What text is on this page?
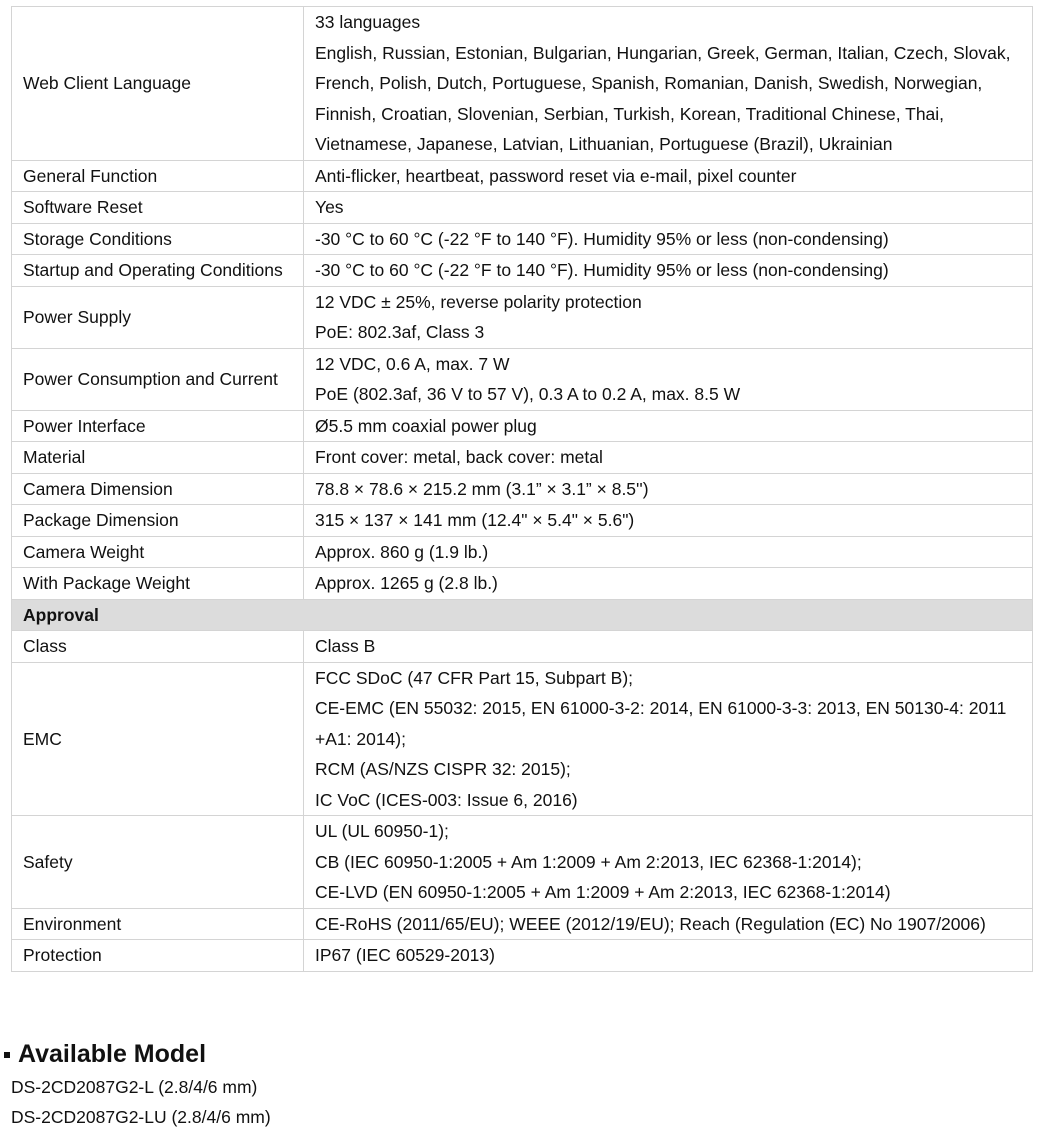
Web Client Language	33 languages
English, Russian, Estonian, Bulgarian, Hungarian, Greek, German, Italian, Czech, Slovak, French, Polish, Dutch, Portuguese, Spanish, Romanian, Danish, Swedish, Norwegian, Finnish, Croatian, Slovenian, Serbian, Turkish, Korean, Traditional Chinese, Thai, Vietnamese, Japanese, Latvian, Lithuanian, Portuguese (Brazil), Ukrainian

General Function	Anti-flicker, heartbeat, password reset via e-mail, pixel counter

Software Reset	Yes

Storage Conditions	-30 °C to 60 °C (-22 °F to 140 °F). Humidity 95% or less (non-condensing)

Startup and Operating Conditions	-30 °C to 60 °C (-22 °F to 140 °F). Humidity 95% or less (non-condensing)

Power Supply	12 VDC ± 25%, reverse polarity protection
PoE: 802.3af, Class 3

Power Consumption and Current	12 VDC, 0.6 A, max. 7 W
PoE (802.3af, 36 V to 57 V), 0.3 A to 0.2 A, max. 8.5 W

Power Interface	Ø5.5 mm coaxial power plug

Material	Front cover: metal, back cover: metal

Camera Dimension	78.8 × 78.6 × 215.2 mm (3.1” × 3.1” × 8.5'')

Package Dimension	315 × 137 × 141 mm (12.4" × 5.4" × 5.6")

Camera Weight	Approx. 860 g (1.9 lb.)

With Package Weight	Approx. 1265 g (2.8 lb.)

Approval	
Class	Class B

EMC	FCC SDoC (47 CFR Part 15, Subpart B);
CE-EMC (EN 55032: 2015, EN 61000-3-2: 2014, EN 61000-3-3: 2013, EN 50130-4: 2011 +A1: 2014);
RCM (AS/NZS CISPR 32: 2015);
IC VoC (ICES-003: Issue 6, 2016)

Safety	UL (UL 60950-1);
CB (IEC 60950-1:2005 + Am 1:2009 + Am 2:2013, IEC 62368-1:2014);
CE-LVD (EN 60950-1:2005 + Am 1:2009 + Am 2:2013, IEC 62368-1:2014)

Environment	CE-RoHS (2011/65/EU); WEEE (2012/19/EU); Reach (Regulation (EC) No 1907/2006)

Protection	IP67 (IEC 60529-2013)
Available Model
DS-2CD2087G2-L (2.8/4/6 mm)
DS-2CD2087G2-LU (2.8/4/6 mm)
